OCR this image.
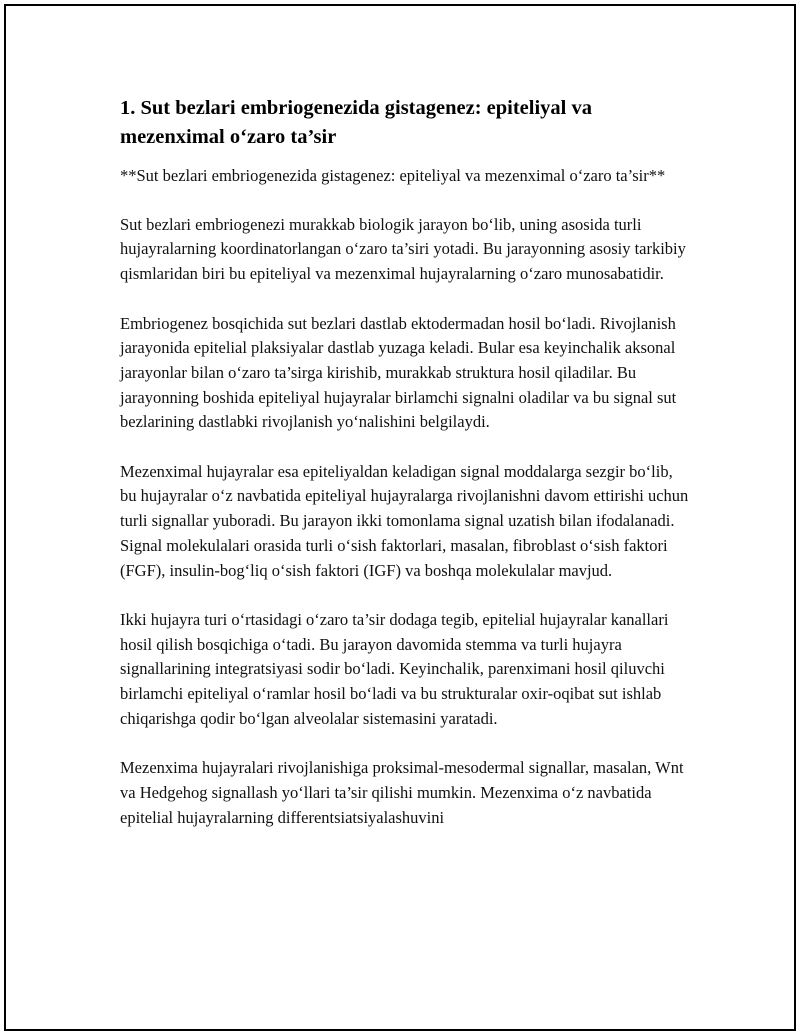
1. Sut bezlari embriogenezida gistagenez: epiteliyal va mezenximal o‘zaro ta’sir

**Sut bezlari embriogenezida gistagenez: epiteliyal va mezenximal o‘zaro ta’sir**

Sut bezlari embriogenezi murakkab biologik jarayon bo‘lib, uning asosida turli hujayralarning koordinatorlangan o‘zaro ta’siri yotadi. Bu jarayonning asosiy tarkibiy qismlaridan biri bu epiteliyal va mezenximal hujayralarning o‘zaro munosabatidir.

Embriogenez bosqichida sut bezlari dastlab ektodermadan hosil bo‘ladi. Rivojlanish jarayonida epitelial plaksiyalar dastlab yuzaga keladi. Bular esa keyinchalik aksonal jarayonlar bilan o‘zaro ta’sirga kirishib, murakkab struktura hosil qiladilar. Bu jarayonning boshida epiteliyal hujayralar birlamchi signalni oladilar va bu signal sut bezlarining dastlabki rivojlanish yo‘nalishini belgilaydi.

Mezenximal hujayralar esa epiteliyaldan keladigan signal moddalarga sezgir bo‘lib, bu hujayralar o‘z navbatida epiteliyal hujayralarga rivojlanishni davom ettirishi uchun turli signallar yuboradi. Bu jarayon ikki tomonlama signal uzatish bilan ifodalanadi. Signal molekulalari orasida turli o‘sish faktorlari, masalan, fibroblast o‘sish faktori (FGF), insulin-bog‘liq o‘sish faktori (IGF) va boshqa molekulalar mavjud.

Ikki hujayra turi o‘rtasidagi o‘zaro ta’sir dodaga tegib, epitelial hujayralar kanallari hosil qilish bosqichiga o‘tadi. Bu jarayon davomida stemma va turli hujayra signallarining integratsiyasi sodir bo‘ladi. Keyinchalik, parenximani hosil qiluvchi birlamchi epiteliyal o‘ramlar hosil bo‘ladi va bu strukturalar oxir-oqibat sut ishlab chiqarishga qodir bo‘lgan alveolalar sistemasini yaratadi.

Mezenxima hujayralari rivojlanishiga proksimal-mesodermal signallar, masalan, Wnt va Hedgehog signallash yo‘llari ta’sir qilishi mumkin. Mezenxima o‘z navbatida epitelial hujayralarning differentsiatsiyalashuvini
